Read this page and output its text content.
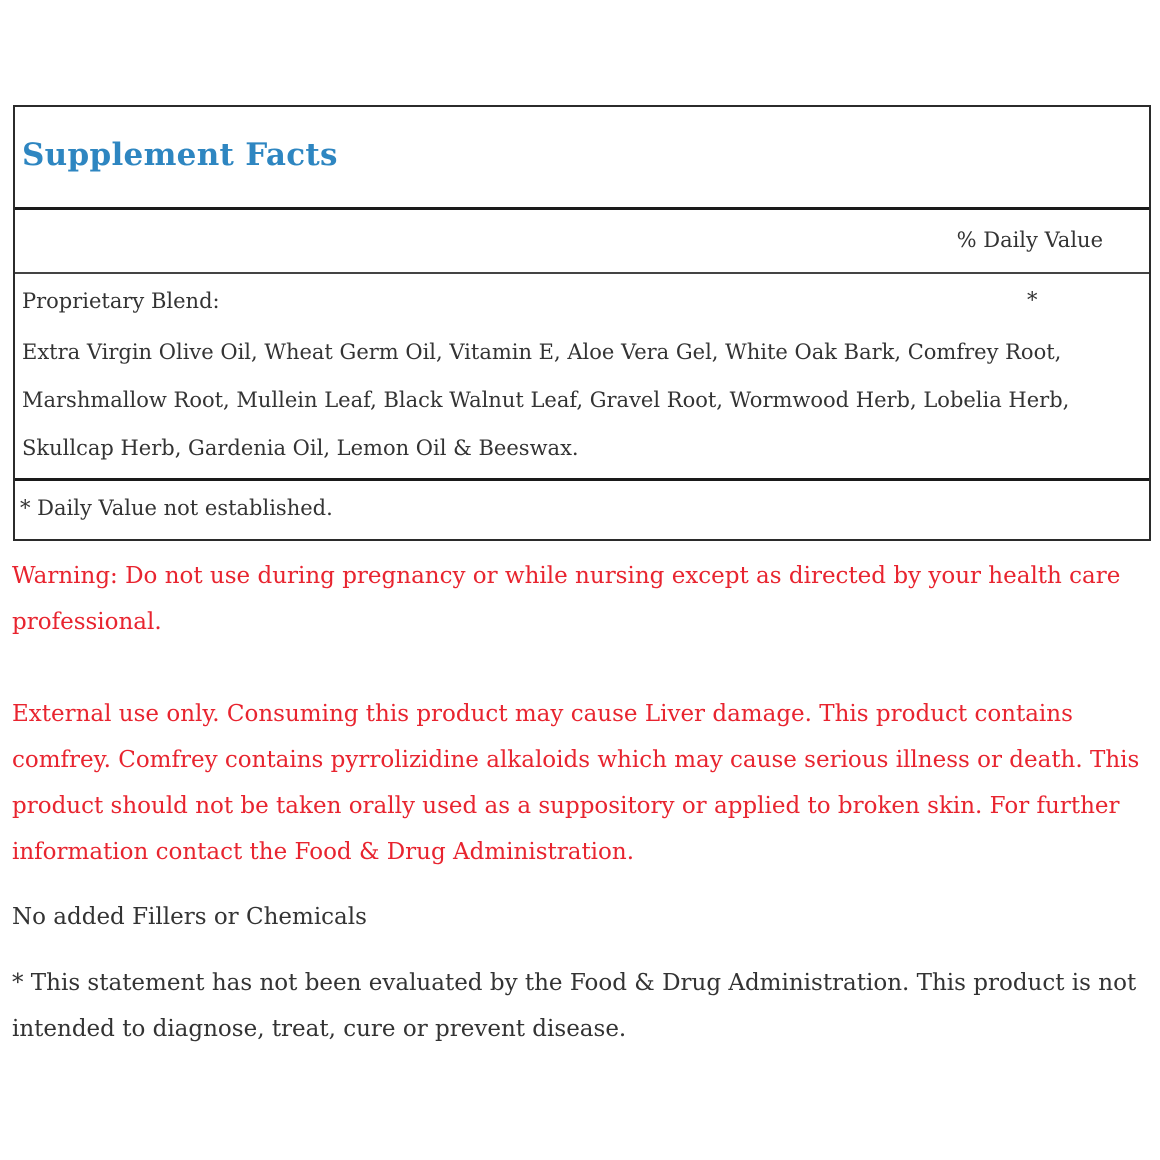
Supplement Facts
% Daily Value
Proprietary Blend:	*
Extra Virgin Olive Oil, Wheat Germ Oil, Vitamin E, Aloe Vera Gel, White Oak Bark, Comfrey Root, Marshmallow Root, Mullein Leaf, Black Walnut Leaf, Gravel Root, Wormwood Herb, Lobelia Herb, Skullcap Herb, Gardenia Oil, Lemon Oil & Beeswax.
* Daily Value not established.
Warning: Do not use during pregnancy or while nursing except as directed by your health care professional.
External use only. Consuming this product may cause Liver damage. This product contains comfrey. Comfrey contains pyrrolizidine alkaloids which may cause serious illness or death. This product should not be taken orally used as a suppository or applied to broken skin. For further information contact the Food & Drug Administration.
No added Fillers or Chemicals
* This statement has not been evaluated by the Food & Drug Administration. This product is not intended to diagnose, treat, cure or prevent disease.
